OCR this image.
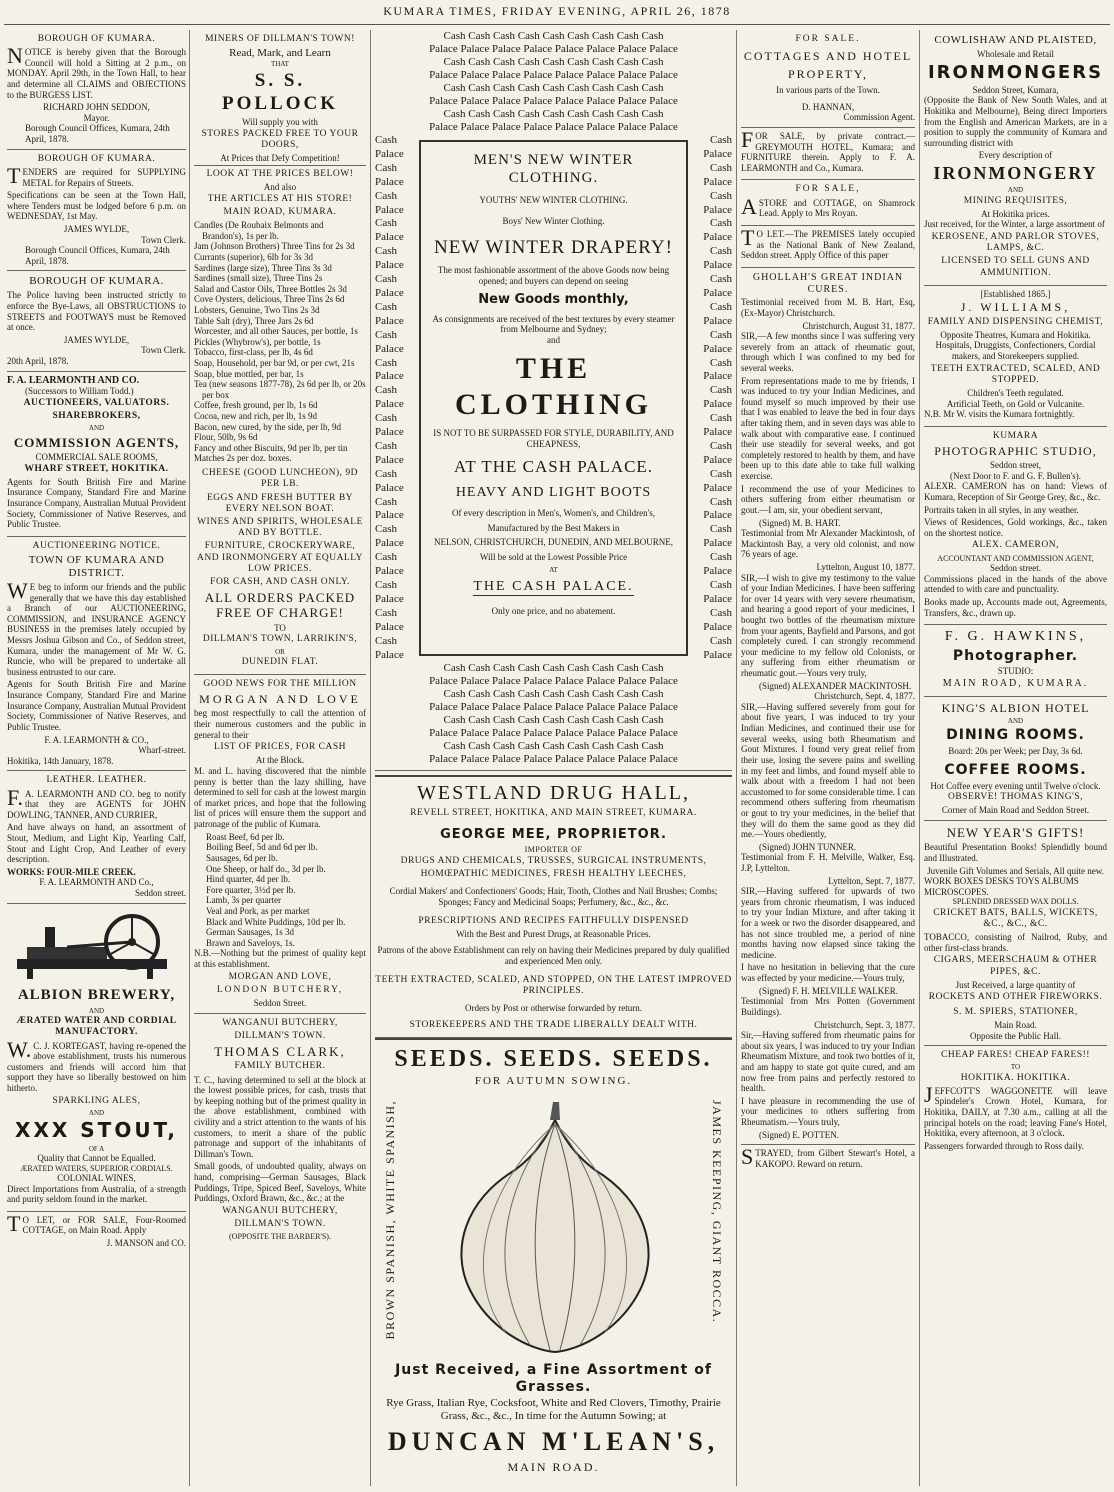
KUMARA TIMES, FRIDAY EVENING, APRIL 26, 1878
BOROUGH OF KUMARA.

NOTICE is hereby given that the Borough Council will hold a Sitting at 2 p.m., on MONDAY. April 29th, in the Town Hall, to hear and determine all CLAIMS and OBJECTIONS to the BURGESS LIST.

RICHARD JOHN SEDDON,
Mayor.
Borough Council Offices, Kumara, 24th April, 1878.
BOROUGH OF KUMARA.

TENDERS are required for SUPPLYING METAL for Repairs of Streets.

Specifications can be seen at the Town Hall, where Tenders must be lodged before 6 p.m. on WEDNESDAY, 1st May.

JAMES WYLDE,
Town Clerk.
Borough Council Offices, Kumara, 24th April, 1878.
BOROUGH OF KUMARA.

The Police having been instructed strictly to enforce the Bye-Laws, all OBSTRUCTIONS to STREETS and FOOTWAYS must be Removed at once.

JAMES WYLDE,
Town Clerk.
20th April, 1878.
F. A. LEARMONTH AND CO.
(Successors to William Todd.)
AUCTIONEERS, VALUATORS.
SHAREBROKERS,
AND
COMMISSION AGENTS,
COMMERCIAL SALE ROOMS,
WHARF STREET, HOKITIKA.

Agents for South British Fire and Marine Insurance Company, Standard Fire and Marine Insurance Company, Australian Mutual Provident Society, Commissioner of Native Reserves, and Public Trustee.

AUCTIONEERING NOTICE.
TOWN OF KUMARA AND DISTRICT.

WE beg to inform our friends and the public generally that we have this day established a Branch of our AUCTIONEERING, COMMISSION, and INSURANCE AGENCY BUSINESS in the premises lately occupied by Messrs Joshua Gibson and Co., of Seddon street, Kumara, under the management of Mr W. G. Runcie, who will be prepared to undertake all business entrusted to our care.

Agents for South British Fire and Marine Insurance Company, Standard Fire and Marine Insurance Company, Australian Mutual Provident Society, Commissioner of Native Reserves, and Public Trustee.

F. A. LEARMONTH & CO.,
Wharf-street.
Hokitika, 14th January, 1878.
LEATHER. LEATHER.

F.A. LEARMONTH AND CO. beg to notify that they are AGENTS for JOHN DOWLING, TANNER, AND CURRIER,

And have always on hand, an assortment of Stout, Medium, and Light Kip, Yearling Calf, Stout and Light Crop, And Leather of every description.

WORKS: FOUR-MILE CREEK.
F. A. LEARMONTH AND Co.,
Seddon street.
ALBION BREWERY,
AND
ÆRATED WATER AND CORDIAL MANUFACTORY.

W.C. J. KORTEGAST, having re-opened the above establishment, trusts his numerous customers and friends will accord him that support they have so liberally bestowed on him hitherto.

SPARKLING ALES,
AND
XXX STOUT,
OF A
Quality that Cannot be Equalled.
ÆRATED WATERS, SUPERIOR CORDIALS.
COLONIAL WINES,

Direct Importations from Australia, of a strength and purity seldom found in the market.

TO LET, or FOR SALE, Four-Roomed COTTAGE, on Main Road. Apply

J. MANSON and CO.
MINERS OF DILLMAN'S TOWN!
Read, Mark, and Learn
THAT
S. S. POLLOCK
Will supply you with
STORES PACKED FREE TO YOUR DOORS,
At Prices that Defy Competition!
LOOK AT THE PRICES BELOW!
And also
THE ARTICLES AT HIS STORE!
MAIN ROAD, KUMARA.
Candles (De Roubaix Belmonts and Brandon's), 1s per lb.
Jam (Johnson Brothers) Three Tins for 2s 3d
Currants (superior), 6lb for 3s 3d
Sardines (large size), Three Tins 3s 3d
Sardines (small size), Three Tins 2s
Salad and Castor Oils, Three Bottles 2s 3d
Cove Oysters, delicious, Three Tins 2s 6d
Lobsters, Genuine, Two Tins 2s 3d
Table Salt (dry), Three Jars 2s 6d
Worcester, and all other Sauces, per bottle, 1s
Pickles (Whybrow's), per bottle, 1s
Tobacco, first-class, per lb, 4s 6d
Soap, Household, per bar 9d, or per cwt, 21s
Soap, blue mottled, per bar, 1s
Tea (new seasons 1877-78), 2s 6d per lb, or 20s per box
Coffee, fresh ground, per lb, 1s 6d
Cocoa, new and rich, per lb, 1s 9d
Bacon, new cured, by the side, per lb, 9d
Flour, 50lb, 9s 6d
Fancy and other Biscuits, 9d per lb, per tin
Matches 2s per doz. boxes.
CHEESE (GOOD LUNCHEON), 9D PER LB.
EGGS AND FRESH BUTTER BY EVERY NELSON BOAT.
WINES AND SPIRITS, WHOLESALE AND BY BOTTLE.
FURNITURE, CROCKERYWARE, AND IRONMONGERY AT EQUALLY LOW PRICES.
FOR CASH, AND CASH ONLY.
ALL ORDERS PACKED FREE OF CHARGE!
TO
DILLMAN'S TOWN, LARRIKIN'S,
OR
DUNEDIN FLAT.
GOOD NEWS FOR THE MILLION
MORGAN AND LOVE

beg most respectfully to call the attention of their numerous customers and the public in general to their

LIST OF PRICES, FOR CASH
At the Block.

M. and L. having discovered that the nimble penny is better than the lazy shilling, have determined to sell for cash at the lowest margin of market prices, and hope that the following list of prices will ensure them the support and patronage of the public of Kumara.

Roast Beef, 6d per lb.
Boiling Beef, 5d and 6d per lb.
Sausages, 6d per lb.
One Sheep, or half do., 3d per lb.
Hind quarter, 4d per lb.
Fore quarter, 3½d per lb.
Lamb, 3s per quarter
Veal and Pork, as per market
Black and White Puddings, 10d per lb.
German Sausages, 1s 3d
Brawn and Saveloys, 1s.

N.B.—Nothing but the primest of quality kept at this establishment.

MORGAN AND LOVE,
LONDON BUTCHERY,
Seddon Street.
WANGANUI BUTCHERY,
DILLMAN'S TOWN.
THOMAS CLARK,
FAMILY BUTCHER.

T. C., having determined to sell at the block at the lowest possible prices, for cash, trusts that by keeping nothing but of the primest quality in the above establishment, combined with civility and a strict attention to the wants of his customers, to merit a share of the public patronage and support of the inhabitants of Dillman's Town.

Small goods, of undoubted quality, always on hand, comprising—German Sausages, Black Puddings, Tripe, Spiced Beef, Saveloys, White Puddings, Oxford Brawn, &c., &c.; at the

WANGANUI BUTCHERY,
DILLMAN'S TOWN.
(OPPOSITE THE BARBER'S).
Cash Cash Cash Cash Cash Cash Cash Cash Cash
Palace Palace Palace Palace Palace Palace Palace Palace
Cash Cash Cash Cash Cash Cash Cash Cash Cash
Palace Palace Palace Palace Palace Palace Palace Palace
Cash Cash Cash Cash Cash Cash Cash Cash Cash
Palace Palace Palace Palace Palace Palace Palace Palace
Cash Cash Cash Cash Cash Cash Cash Cash Cash
Palace Palace Palace Palace Palace Palace Palace Palace
Cash
Palace
Cash
Palace
Cash
Palace
Cash
Palace
Cash
Palace
Cash
Palace
Cash
Palace
Cash
Palace
Cash
Palace
Cash
Palace
Cash
Palace
Cash
Palace
Cash
Palace
Cash
Palace
Cash
Palace
Cash
Palace
Cash
Palace
Cash
Palace
Cash
Palace
MEN'S NEW WINTER CLOTHING.
YOUTHS' NEW WINTER CLOTHING.
Boys' New Winter Clothing.
NEW WINTER DRAPERY!
The most fashionable assortment of the above Goods now being opened; and buyers can depend on seeing
New Goods monthly,
As consignments are received of the best textures by every steamer from Melbourne and Sydney;
and
THE CLOTHING
IS NOT TO BE SURPASSED FOR STYLE, DURABILITY, AND CHEAPNESS,
AT THE CASH PALACE.
HEAVY AND LIGHT BOOTS
Of every description in Men's, Women's, and Children's,
Manufactured by the Best Makers in
NELSON, CHRISTCHURCH, DUNEDIN, AND MELBOURNE,
Will be sold at the Lowest Possible Price
AT
THE CASH PALACE.
Only one price, and no abatement.
Cash
Palace
Cash
Palace
Cash
Palace
Cash
Palace
Cash
Palace
Cash
Palace
Cash
Palace
Cash
Palace
Cash
Palace
Cash
Palace
Cash
Palace
Cash
Palace
Cash
Palace
Cash
Palace
Cash
Palace
Cash
Palace
Cash
Palace
Cash
Palace
Cash
Palace
Cash Cash Cash Cash Cash Cash Cash Cash Cash
Palace Palace Palace Palace Palace Palace Palace Palace
Cash Cash Cash Cash Cash Cash Cash Cash Cash
Palace Palace Palace Palace Palace Palace Palace Palace
Cash Cash Cash Cash Cash Cash Cash Cash Cash
Palace Palace Palace Palace Palace Palace Palace Palace
Cash Cash Cash Cash Cash Cash Cash Cash Cash
Palace Palace Palace Palace Palace Palace Palace Palace
WESTLAND DRUG HALL,
REVELL STREET, HOKITIKA, AND MAIN STREET, KUMARA.
GEORGE MEE, PROPRIETOR.
IMPORTER OF
DRUGS AND CHEMICALS, TRUSSES, SURGICAL INSTRUMENTS,
HOMŒPATHIC MEDICINES, FRESH HEALTHY LEECHES,
Cordial Makers' and Confectioners' Goods; Hair, Tooth, Clothes and Nail Brushes; Combs; Sponges; Fancy and Medicinal Soaps; Perfumery, &c., &c., &c.
PRESCRIPTIONS AND RECIPES FAITHFULLY DISPENSED
With the Best and Purest Drugs, at Reasonable Prices.
Patrons of the above Establishment can rely on having their Medicines prepared by duly qualified and experienced Men only.
TEETH EXTRACTED, SCALED, AND STOPPED, ON THE LATEST IMPROVED PRINCIPLES.
Orders by Post or otherwise forwarded by return.
STOREKEEPERS AND THE TRADE LIBERALLY DEALT WITH.
SEEDS. SEEDS. SEEDS.
FOR AUTUMN SOWING.
BROWN SPANISH, WHITE SPANISH,	JAMES KEEPING, GIANT ROCCA.
Just Received, a Fine Assortment of Grasses.
Rye Grass, Italian Rye, Cocksfoot, White and Red Clovers, Timothy, Prairie Grass, &c., &c., In time for the Autumn Sowing; at
DUNCAN M'LEAN'S,
MAIN ROAD.
FOR SALE.
COTTAGES AND HOTEL PROPERTY,
In various parts of the Town.
D. HANNAN,
Commission Agent.

FOR SALE, by private contract.— GREYMOUTH HOTEL, Kumara; and FURNITURE therein. Apply to F. A. LEARMONTH and Co., Kumara.

FOR SALE,

ASTORE and COTTAGE, on Shamrock Lead. Apply to Mrs Royan.

TO LET.—The PREMISES lately occupied as the National Bank of New Zealand, Seddon street. Apply Office of this paper

GHOLLAH'S GREAT INDIAN CURES.

Testimonial received from M. B. Hart, Esq, (Ex-Mayor) Christchurch.

Christchurch, August 31, 1877.

SIR,—A few months since I was suffering very severely from an attack of rheumatic gout, through which I was confined to my bed for several weeks.

From representations made to me by friends, I was induced to try your Indian Medicines, and found myself so much improved by their use that I was enabled to leave the bed in four days after taking them, and in seven days was able to walk about with comparative ease. I continued their use steadily for several weeks, and got completely restored to health by them, and have been up to this date able to take full walking exercise.

I recommend the use of your Medicines to others suffering from either rheumatism or gout.—I am, sir, your obedient servant,

(Signed) M. B. HART.

Testimonial from Mr Alexander Mackintosh, of Mackintosh Bay, a very old colonist, and now 76 years of age.

Lyttelton, August 10, 1877.

SIR,—I wish to give my testimony to the value of your Indian Medicines. I have been suffering for over 14 years with very severe rheumatism, and hearing a good report of your medicines, I bought two bottles of the rheumatism mixture from your agents, Bayfield and Parsons, and got completely cured. I can strongly recommend your medicine to my fellow old Colonists, or any suffering from either rheumatism or rheumatic gout.—Yours very truly,

(Signed) ALEXANDER MACKINTOSH.
Christchurch, Sept. 4, 1877.

SIR,—Having suffered severely from gout for about five years, I was induced to try your Indian Medicines, and continued their use for several weeks, using both Rheumatism and Gout Mixtures. I found very great relief from their use, losing the severe pains and swelling in my feet and limbs, and found myself able to walk about with a freedom I had not been accustomed to for some considerable time. I can recommend others suffering from rheumatism or gout to try your medicines, in the belief that they will do them the same good as they did me.—Yours obediently,

(Signed) JOHN TUNNER.

Testimonial from F. H. Melville, Walker, Esq. J.P, Lyttelton.

Lyttelton, Sept. 7, 1877.

SIR,—Having suffered for upwards of two years from chronic rheumatism, I was induced to try your Indian Mixture, and after taking it for a week or two the disorder disappeared, and has not since troubled me, a period of nine months having now elapsed since taking the medicine.

I have no hesitation in believing that the cure was effected by your medicine.—Yours truly,

(Signed) F. H. MELVILLE WALKER.

Testimonial from Mrs Potten (Government Buildings).

Christchurch, Sept. 3, 1877.

Sir,—Having suffered from rheumatic pains for about six years, I was induced to try your Indian Rheumatism Mixture, and took two bottles of it, and am happy to state got quite cured, and am now free from pains and perfectly restored to health.

I have pleasure in recommending the use of your medicines to others suffering from Rheumatism.—Yours truly,

(Signed) E. POTTEN.

STRAYED, from Gilbert Stewart's Hotel, a KAKOPO. Reward on return.

COWLISHAW AND PLAISTED,
Wholesale and Retail
IRONMONGERS
Seddon Street, Kumara,

(Opposite the Bank of New South Wales, and at Hokitika and Melbourne), Being direct Importers from the English and American Markets, are in a position to supply the community of Kumara and surrounding district with

Every description of
IRONMONGERY
AND
MINING REQUISITES,
At Hokitika prices.

Just received, for the Winter, a large assortment of

KEROSENE, AND PARLOR STOVES, LAMPS, &C.
LICENSED TO SELL GUNS AND AMMUNITION.
[Established 1865.]
J. WILLIAMS,
FAMILY AND DISPENSING CHEMIST,
Opposite Theatres, Kumara and Hokitika.

Hospitals, Druggists, Confectioners, Cordial makers, and Storekeepers supplied.

TEETH EXTRACTED, SCALED, AND STOPPED.
Children's Teeth regulated.
Artificial Teeth, on Gold or Vulcanite.

N.B. Mr W. visits the Kumara fortnightly.

KUMARA
PHOTOGRAPHIC STUDIO,
Seddon street,
(Next Door to F. and G. F. Bullen's).

ALEXR. CAMERON has on hand: Views of Kumara, Reception of Sir George Grey, &c., &c.

Portraits taken in all styles, in any weather.

Views of Residences, Gold workings, &c., taken on the shortest notice.

ALEX. CAMERON,
ACCOUNTANT AND COMMISSION AGENT,
Seddon street.

Commissions placed in the hands of the above attended to with care and punctuality.

Books made up, Accounts made out, Agreements, Transfers, &c., drawn up.

F. G. HAWKINS,
Photographer.
STUDIO:
MAIN ROAD, KUMARA.
KING'S ALBION HOTEL
AND
DINING ROOMS.
Board: 20s per Week; per Day, 3s 6d.
COFFEE ROOMS.
Hot Coffee every evening until Twelve o'clock.
OBSERVE! THOMAS KING'S,
Corner of Main Road and Seddon Street.
NEW YEAR'S GIFTS!

Beautiful Presentation Books! Splendidly bound and Illustrated.

Juvenile Gift Volumes and Serials, All quite new.
WORK BOXES DESKS TOYS ALBUMS MICROSCOPES.
SPLENDID DRESSED WAX DOLLS.
CRICKET BATS, BALLS, WICKETS, &C., &C., &C.

TOBACCO, consisting of Nailrod, Ruby, and other first-class brands.

CIGARS, MEERSCHAUM & OTHER PIPES, &C.
Just Received, a large quantity of
ROCKETS AND OTHER FIREWORKS.
S. M. SPIERS, STATIONER,
Main Road.
Opposite the Public Hall.
CHEAP FARES! CHEAP FARES!!
TO
HOKITIKA. HOKITIKA.

JEFFCOTT'S WAGGONETTE will leave Spindeler's Crown Hotel, Kumara, for Hokitika, DAILY, at 7.30 a.m., calling at all the principal hotels on the road; leaving Fane's Hotel, Hokitika, every afternoon, at 3 o'clock.

Passengers forwarded through to Ross daily.
